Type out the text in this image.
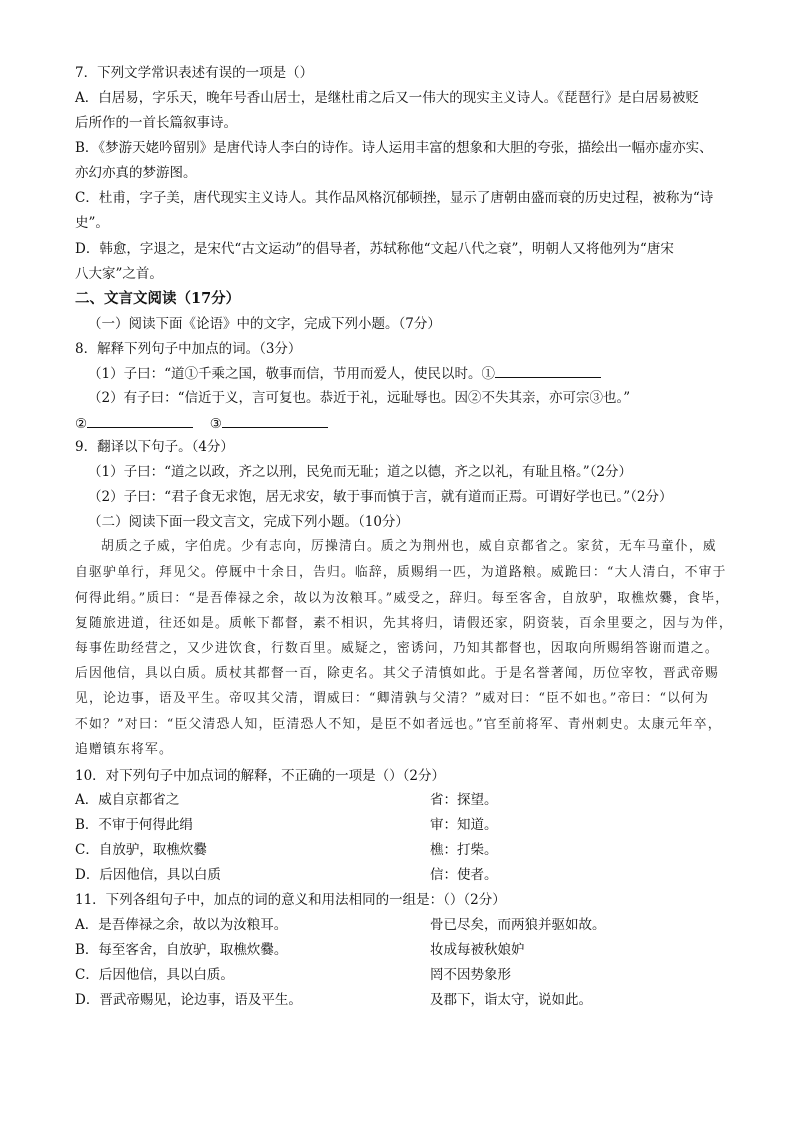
7．下列文学常识表述有误的一项是（）
A．白居易，字乐天，晚年号香山居士，是继杜甫之后又一伟大的现实主义诗人。《琵琶行》是白居易被贬
后所作的一首长篇叙事诗。
B．《梦游天姥吟留别》是唐代诗人李白的诗作。诗人运用丰富的想象和大胆的夸张，描绘出一幅亦虚亦实、
亦幻亦真的梦游图。
C．杜甫，字子美，唐代现实主义诗人。其作品风格沉郁顿挫，显示了唐朝由盛而衰的历史过程，被称为“诗
史”。
D．韩愈，字退之，是宋代“古文运动”的倡导者，苏轼称他“文起八代之衰”，明朝人又将他列为“唐宋
八大家”之首。
二、文言文阅读（17分）
（一）阅读下面《论语》中的文字，完成下列小题。（7分）
8．解释下列句子中加点的词。（3分）
（1）子曰：“道①千乘之国，敬事而信，节用而爱人，使民以时。①
（2）有子曰：“信近于义，言可复也。恭近于礼，远耻辱也。因②不失其亲，亦可宗③也。”
②	③
9．翻译以下句子。（4分）
（1）子曰：“道之以政，齐之以刑，民免而无耻；道之以德，齐之以礼，有耻且格。”（2分）
（2）子曰：“君子食无求饱，居无求安，敏于事而慎于言，就有道而正焉。可谓好学也已。”（2分）
（二）阅读下面一段文言文，完成下列小题。（10分）
胡质之子威，字伯虎。少有志向，厉操清白。质之为荆州也，威自京都省之。家贫，无车马童仆，威
自驱驴单行，拜见父。停厩中十余日，告归。临辞，质赐绢一匹，为道路粮。威跪曰：“大人清白，不审于
何得此绢。”质曰：“是吾俸禄之余，故以为汝粮耳。”威受之，辞归。每至客舍，自放驴，取樵炊爨，食毕，
复随旅进道，往还如是。质帐下都督，素不相识，先其将归，请假还家，阴资装，百余里要之，因与为伴，
每事佐助经营之，又少进饮食，行数百里。威疑之，密诱问，乃知其都督也，因取向所赐绢答谢而遣之。
后因他信，具以白质。质杖其都督一百，除吏名。其父子清慎如此。于是名誉著闻，历位宰牧，晋武帝赐
见，论边事，语及平生。帝叹其父清，谓威曰：“卿清孰与父清？”威对曰：“臣不如也。”帝曰：“以何为
不如？”对曰：“臣父清恐人知，臣清恐人不知，是臣不如者远也。”官至前将军、青州刺史。太康元年卒，
追赠镇东将军。
10．对下列句子中加点词的解释，不正确的一项是（）（2分）
A．威自京都省之	省：探望。
B．不审于何得此绢	审：知道。
C．自放驴，取樵炊爨	樵：打柴。
D．后因他信，具以白质	信：使者。
11．下列各组句子中，加点的词的意义和用法相同的一组是：（）（2分）
A．是吾俸禄之余，故以为汝粮耳。	骨已尽矣，而两狼并驱如故。
B．每至客舍，自放驴，取樵炊爨。	妆成每被秋娘妒
C．后因他信，具以白质。	罔不因势象形
D．晋武帝赐见，论边事，语及平生。	及郡下，诣太守，说如此。
